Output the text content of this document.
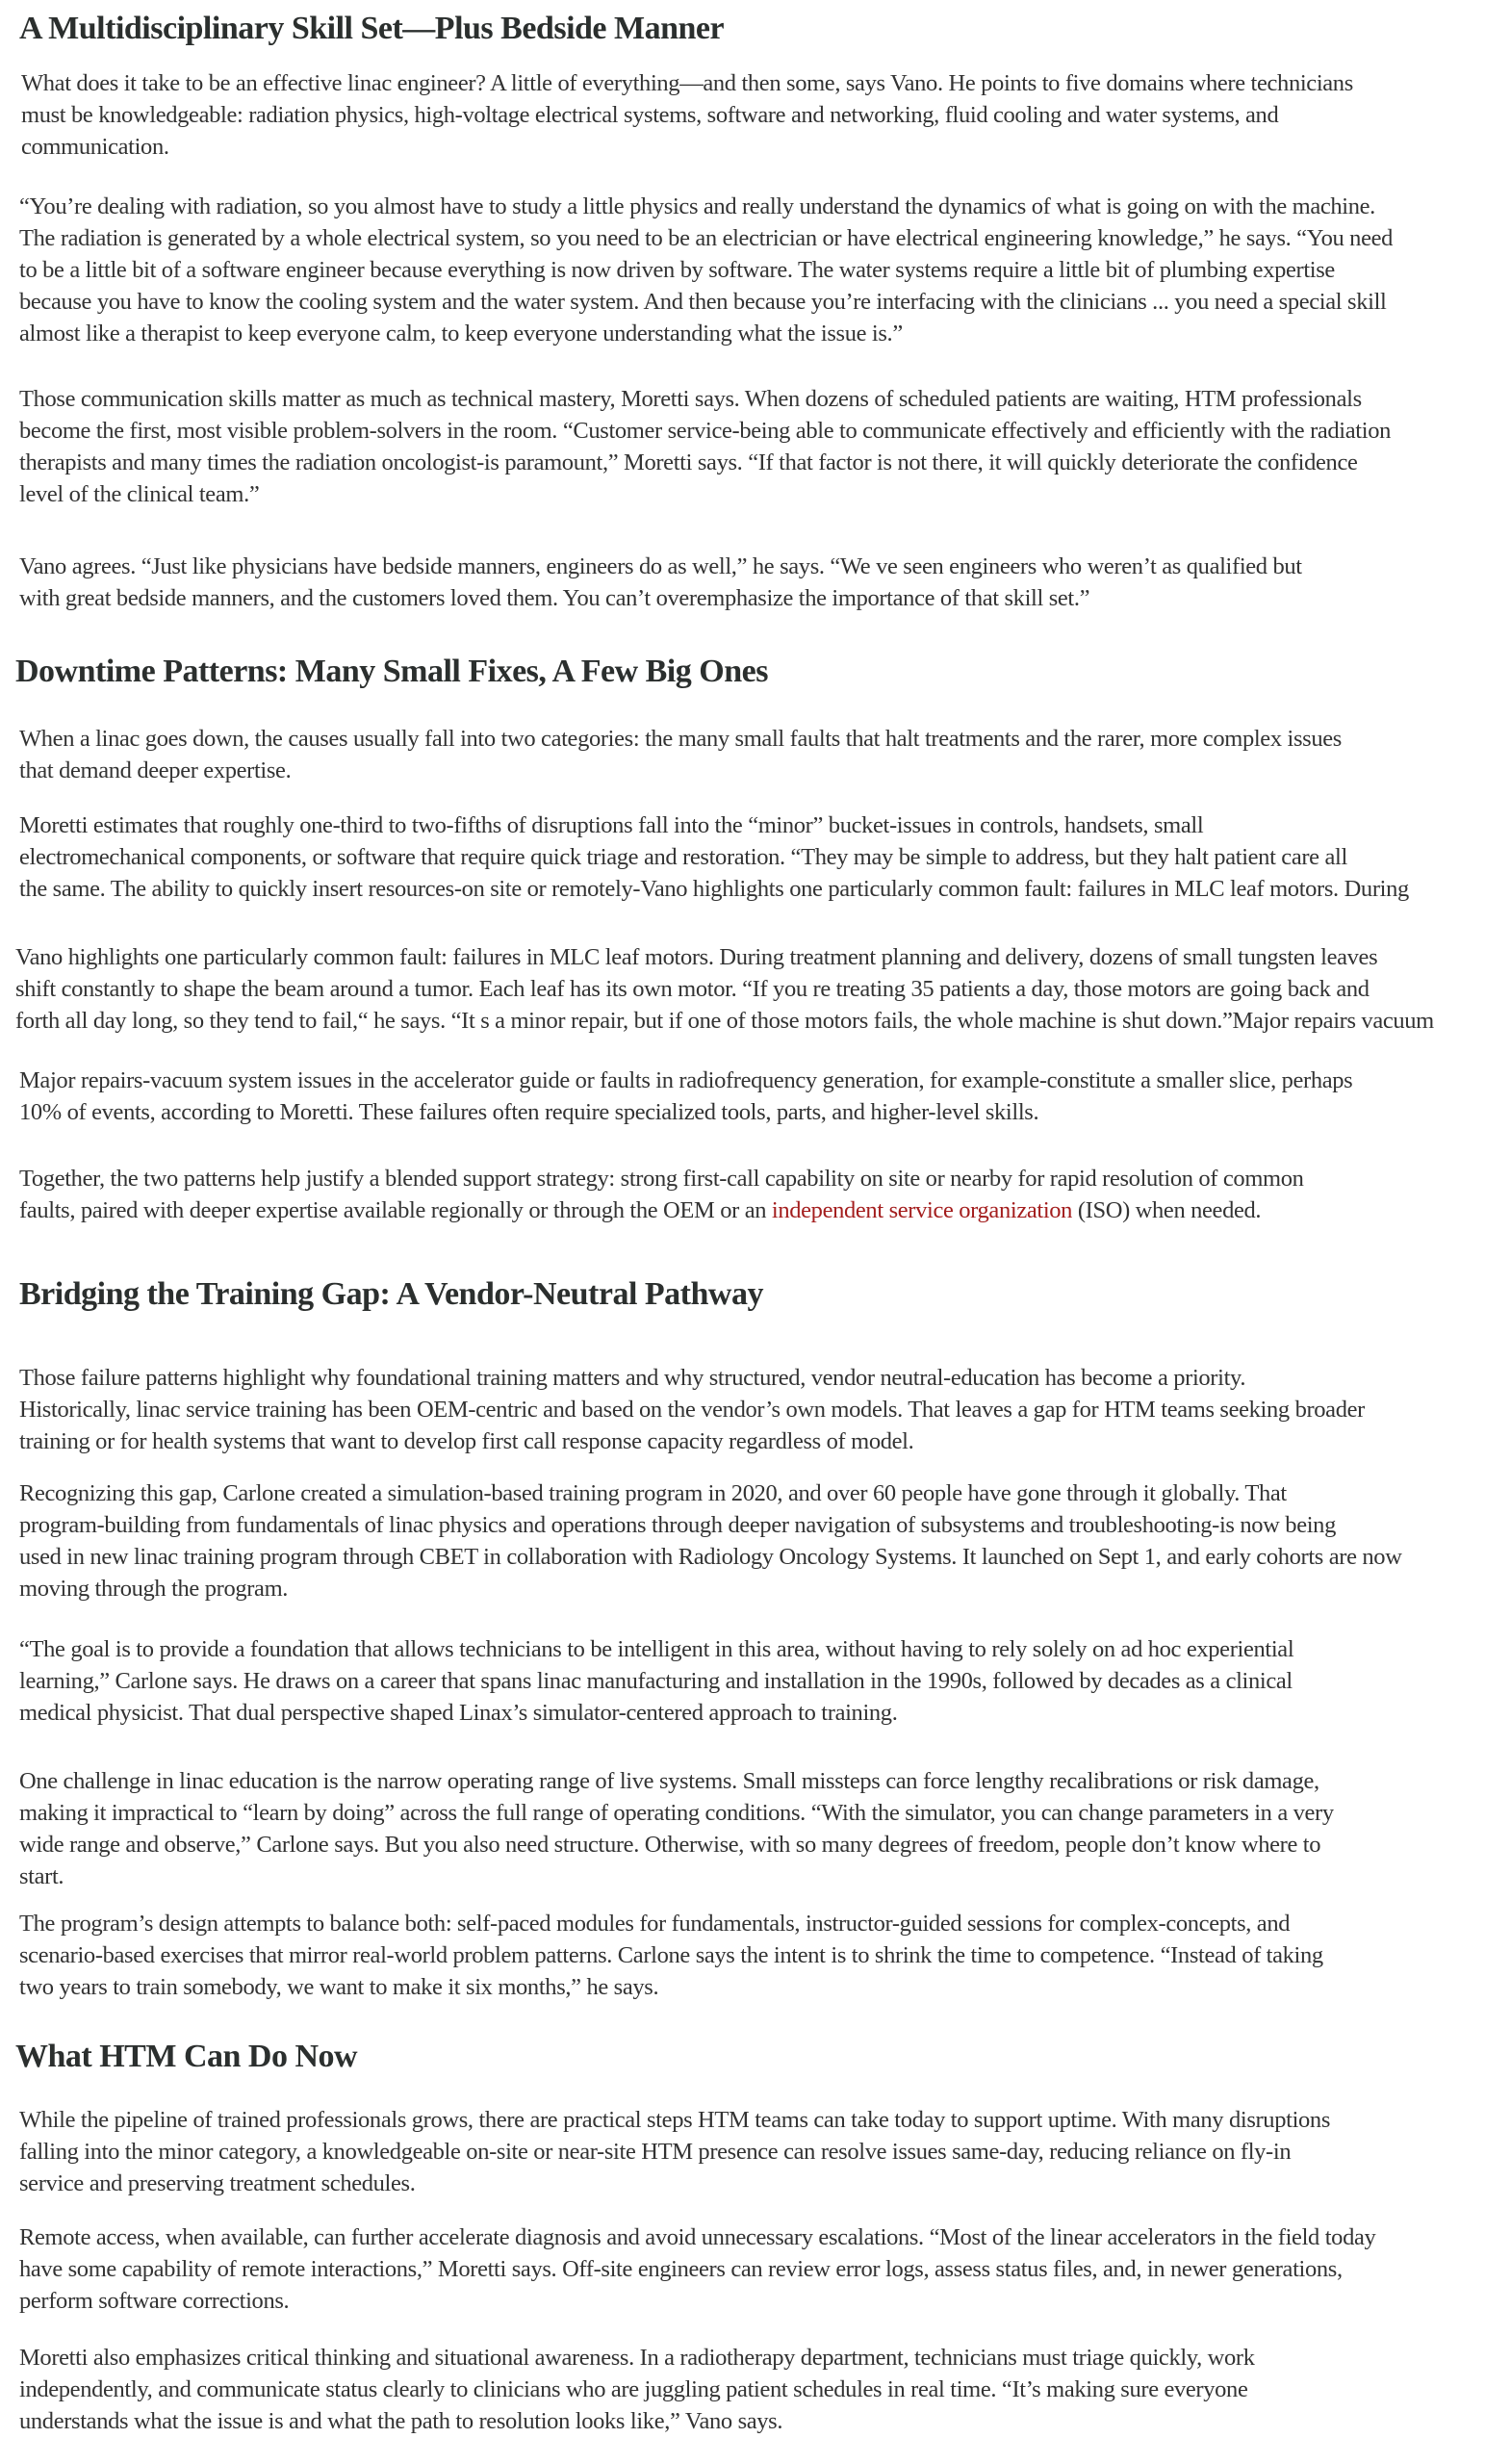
A Multidisciplinary Skill Set—Plus Bedside Manner
What does it take to be an effective linac engineer? A little of everything—and then some, says Vano. He points to five domains where technicians
must be knowledgeable: radiation physics, high-voltage electrical systems, software and networking, fluid cooling and water systems, and
communication.
“You’re dealing with radiation, so you almost have to study a little physics and really understand the dynamics of what is going on with the machine.
The radiation is generated by a whole electrical system, so you need to be an electrician or have electrical engineering knowledge,” he says. “You need
to be a little bit of a software engineer because everything is now driven by software. The water systems require a little bit of plumbing expertise
because you have to know the cooling system and the water system. And then because you’re interfacing with the clinicians ... you need a special skill
almost like a therapist to keep everyone calm, to keep everyone understanding what the issue is.”
Those communication skills matter as much as technical mastery, Moretti says. When dozens of scheduled patients are waiting, HTM professionals
become the first, most visible problem-solvers in the room. “Customer service-being able to communicate effectively and efficiently with the radiation
therapists and many times the radiation oncologist-is paramount,” Moretti says. “If that factor is not there, it will quickly deteriorate the confidence
level of the clinical team.”
Vano agrees. “Just like physicians have bedside manners, engineers do as well,” he says. “We ve seen engineers who weren’t as qualified but
with great bedside manners, and the customers loved them. You can’t overemphasize the importance of that skill set.”
Downtime Patterns: Many Small Fixes, A Few Big Ones
When a linac goes down, the causes usually fall into two categories: the many small faults that halt treatments and the rarer, more complex issues
that demand deeper expertise.
Moretti estimates that roughly one-third to two-fifths of disruptions fall into the “minor” bucket-issues in controls, handsets, small
electromechanical components, or software that require quick triage and restoration. “They may be simple to address, but they halt patient care all
the same. The ability to quickly insert resources-on site or remotely-Vano highlights one particularly common fault: failures in MLC leaf motors. During
Vano highlights one particularly common fault: failures in MLC leaf motors. During treatment planning and delivery, dozens of small tungsten leaves
shift constantly to shape the beam around a tumor. Each leaf has its own motor. “If you re treating 35 patients a day, those motors are going back and
forth all day long, so they tend to fail,“ he says. “It s a minor repair, but if one of those motors fails, the whole machine is shut down.”Major repairs vacuum
Major repairs-vacuum system issues in the accelerator guide or faults in radiofrequency generation, for example-constitute a smaller slice, perhaps
10% of events, according to Moretti. These failures often require specialized tools, parts, and higher-level skills.
Together, the two patterns help justify a blended support strategy: strong first-call capability on site or nearby for rapid resolution of common
faults, paired with deeper expertise available regionally or through the OEM or an independent service organization (ISO) when needed.
Bridging the Training Gap: A Vendor-Neutral Pathway
Those failure patterns highlight why foundational training matters and why structured, vendor neutral-education has become a priority.
Historically, linac service training has been OEM-centric and based on the vendor’s own models. That leaves a gap for HTM teams seeking broader
training or for health systems that want to develop first call response capacity regardless of model.
Recognizing this gap, Carlone created a simulation-based training program in 2020, and over 60 people have gone through it globally. That
program-building from fundamentals of linac physics and operations through deeper navigation of subsystems and troubleshooting-is now being
used in new linac training program through CBET in collaboration with Radiology Oncology Systems. It launched on Sept 1, and early cohorts are now
moving through the program.
“The goal is to provide a foundation that allows technicians to be intelligent in this area, without having to rely solely on ad hoc experiential
learning,” Carlone says. He draws on a career that spans linac manufacturing and installation in the 1990s, followed by decades as a clinical
medical physicist. That dual perspective shaped Linax’s simulator-centered approach to training.
One challenge in linac education is the narrow operating range of live systems. Small missteps can force lengthy recalibrations or risk damage,
making it impractical to “learn by doing” across the full range of operating conditions. “With the simulator, you can change parameters in a very
wide range and observe,” Carlone says. But you also need structure. Otherwise, with so many degrees of freedom, people don’t know where to
start.
The program’s design attempts to balance both: self-paced modules for fundamentals, instructor-guided sessions for complex-concepts, and
scenario-based exercises that mirror real-world problem patterns. Carlone says the intent is to shrink the time to competence. “Instead of taking
two years to train somebody, we want to make it six months,” he says.
What HTM Can Do Now
While the pipeline of trained professionals grows, there are practical steps HTM teams can take today to support uptime. With many disruptions
falling into the minor category, a knowledgeable on-site or near-site HTM presence can resolve issues same-day, reducing reliance on fly-in
service and preserving treatment schedules.
Remote access, when available, can further accelerate diagnosis and avoid unnecessary escalations. “Most of the linear accelerators in the field today
have some capability of remote interactions,” Moretti says. Off-site engineers can review error logs, assess status files, and, in newer generations,
perform software corrections.
Moretti also emphasizes critical thinking and situational awareness. In a radiotherapy department, technicians must triage quickly, work
independently, and communicate status clearly to clinicians who are juggling patient schedules in real time. “It’s making sure everyone
understands what the issue is and what the path to resolution looks like,” Vano says.
